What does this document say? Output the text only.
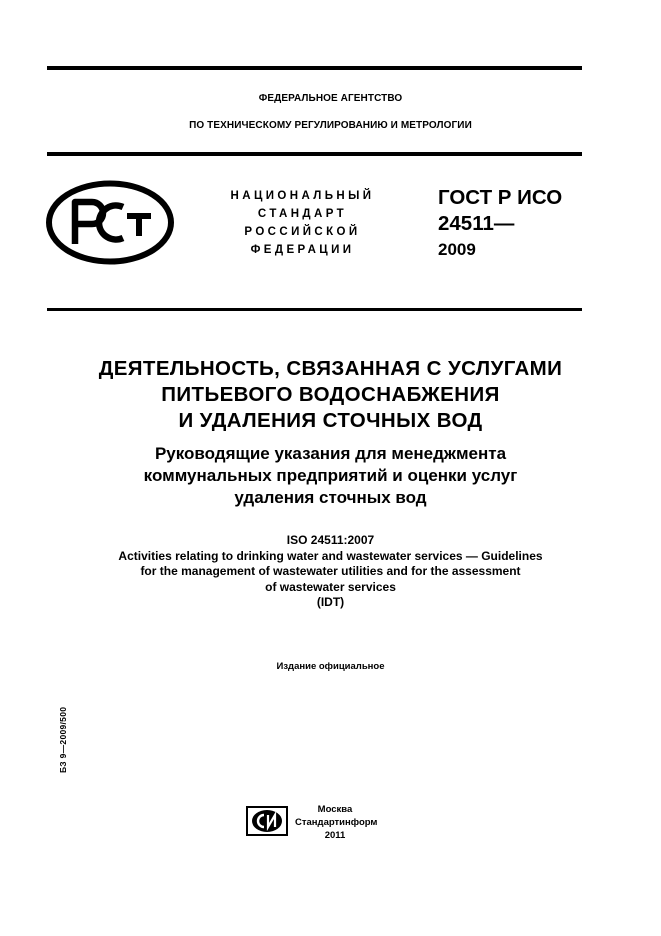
ФЕДЕРАЛЬНОЕ АГЕНТСТВО
ПО ТЕХНИЧЕСКОМУ РЕГУЛИРОВАНИЮ И МЕТРОЛОГИИ
НАЦИОНАЛЬНЫЙ
СТАНДАРТ
РОССИЙСКОЙ
ФЕДЕРАЦИИ
ГОСТ Р ИСО
24511—
2009
ДЕЯТЕЛЬНОСТЬ, СВЯЗАННАЯ С УСЛУГАМИ
ПИТЬЕВОГО ВОДОСНАБЖЕНИЯ
И УДАЛЕНИЯ СТОЧНЫХ ВОД
Руководящие указания для менеджмента
коммунальных предприятий и оценки услуг
удаления сточных вод
ISO 24511:2007
Activities relating to drinking water and wastewater services — Guidelines
for the management of wastewater utilities and for the assessment
of wastewater services
(IDT)
Издание официальное
БЗ 9—2009/500
Москва
Стандартинформ
2011
